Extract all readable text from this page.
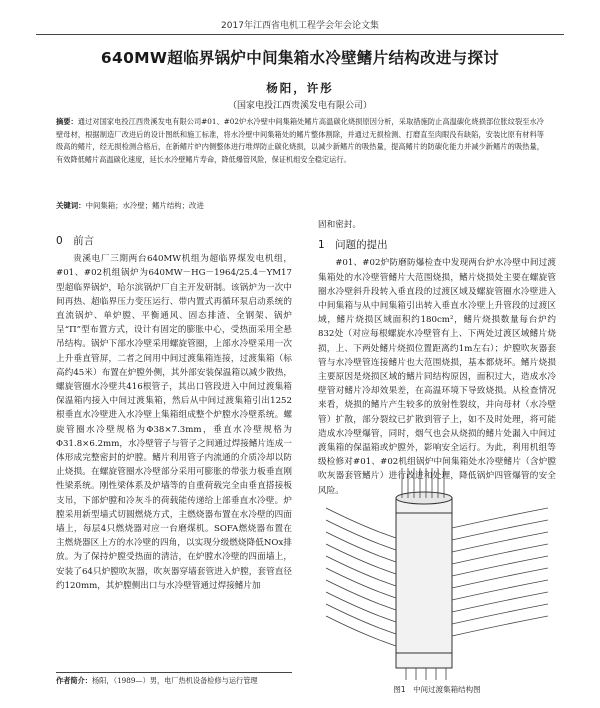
2017年江西省电机工程学会年会论文集
640MW超临界锅炉中间集箱水冷壁鳍片结构改进与探讨
杨阳，许彤
（国家电投江西贵溪发电有限公司）
摘要：通过对国家电投江西贵溪发电有限公司#01、#02炉水冷壁中间集箱处鳍片高温碳化烧损原因分析，采取措施防止高温碳化烧损部位胀纹裂至水冷壁母材，根据制造厂改进后的设计图纸和施工标准，将水冷壁中间集箱处的鳍片整体割除，并通过无损检测、打磨直至肉眼没有缺陷，安装比原有材料等级高的鳍片，经无损检测合格后，在新鳍片炉内侧整体进行堆焊防止碳化烧损，以减少新鳍片的吸热量，提高鳍片的防碳化能力并减少新鳍片的吸热量，有效降低鳍片高温碳化速度，延长水冷壁鳍片寿命，降低爆管风险，保证机组安全稳定运行。
关键词：中间集箱；水冷壁；鳍片结构；改进
0　前言

贵溪电厂三期两台640MW机组为超临界煤发电机组，#01、#02机组锅炉为640MW－HG－1964/25.4－YM17型超临界锅炉，哈尔滨锅炉厂自主开发研制。该锅炉为一次中间再热、超临界压力变压运行、带内置式再循环泵启动系统的直流锅炉、单炉膛、平衡通风、固态排渣、全钢架、锅炉呈“Π”型布置方式，设计有固定的膨胀中心，受热面采用全悬吊结构。锅炉下部水冷壁采用螺旋管圈，上部水冷壁采用一次上升垂直管屏，二者之间用中间过渡集箱连接，过渡集箱（标高约45米）布置在炉膛外侧，其外部安装保温箱以减少散热，螺旋管圈水冷壁共416根管子，其出口管段进入中间过渡集箱保温箱内接入中间过渡集箱，然后从中间过渡集箱引出1252根垂直水冷壁进入水冷壁上集箱组成整个炉膛水冷壁系统。螺旋管圈水冷壁规格为Φ38×7.3mm，垂直水冷壁规格为Φ31.8×6.2mm，水冷壁管子与管子之间通过焊接鳍片连成一体形成完整密封的炉膛。鳍片利用管子内流通的介质冷却以防止烧损。在螺旋管圈水冷壁部分采用可膨胀的带张力板垂直刚性梁系统。刚性梁体系及炉墙等的自重荷载完全由垂直搭接板支吊，下部炉膛和冷灰斗的荷载能传递给上部垂直水冷壁。炉膛采用新型墙式切圆燃烧方式，主燃烧器布置在水冷壁的四面墙上，每层4只燃烧器对应一台磨煤机。SOFA燃烧器布置在主燃烧器区上方的水冷壁的四角，以实现分级燃烧降低NOx排放。为了保持炉膛受热面的清洁，在炉膛水冷壁的四面墙上，安装了64只炉膛吹灰器，吹灰器穿墙套管进入炉膛，套管直径约120mm，其炉膛侧出口与水冷壁管通过焊接鳍片加

作者简介：杨阳，（1989—）男，电厂热机设备检修与运行管理

固和密封。

1　问题的提出

#01、#02炉防磨防爆检查中发现两台炉水冷壁中间过渡集箱处的水冷壁管鳍片大范围烧损，鳍片烧损处主要在螺旋管圈水冷壁斜升段转入垂直段的过渡区域及螺旋管圈水冷壁进入中间集箱与从中间集箱引出转入垂直水冷壁上升管段的过渡区域，鳍片烧损区域面积约180cm²，鳍片烧损数量每台炉约832处（对应每根螺旋水冷壁管有上、下两处过渡区域鳍片烧损，上、下两处鳍片烧损位置距离约1m左右）；炉膛吹灰器套管与水冷壁管连接鳍片也大范围烧损，基本都烧坏。鳍片烧损主要原因是烧损区域的鳍片同结构原因，面积过大，造成水冷壁管对鳍片冷却效果差，在高温环境下导致烧损。从检查情况来看，烧损的鳍片产生较多的放射性裂纹，并向母材（水冷壁管）扩散，部分裂纹已扩散到管子上，如不及时处理，将可能造成水冷壁爆管，同时，烟气也会从烧损的鳍片处漏入中间过渡集箱的保温箱或炉膛外，影响安全运行。为此，利用机组等级检修对#01、#02机组锅炉中间集箱处水冷壁鳍片（含炉膛吹灰器套管鳍片）进行改进和处理，降低锅炉四管爆管的安全风险。

图1　中间过渡集箱结构图
